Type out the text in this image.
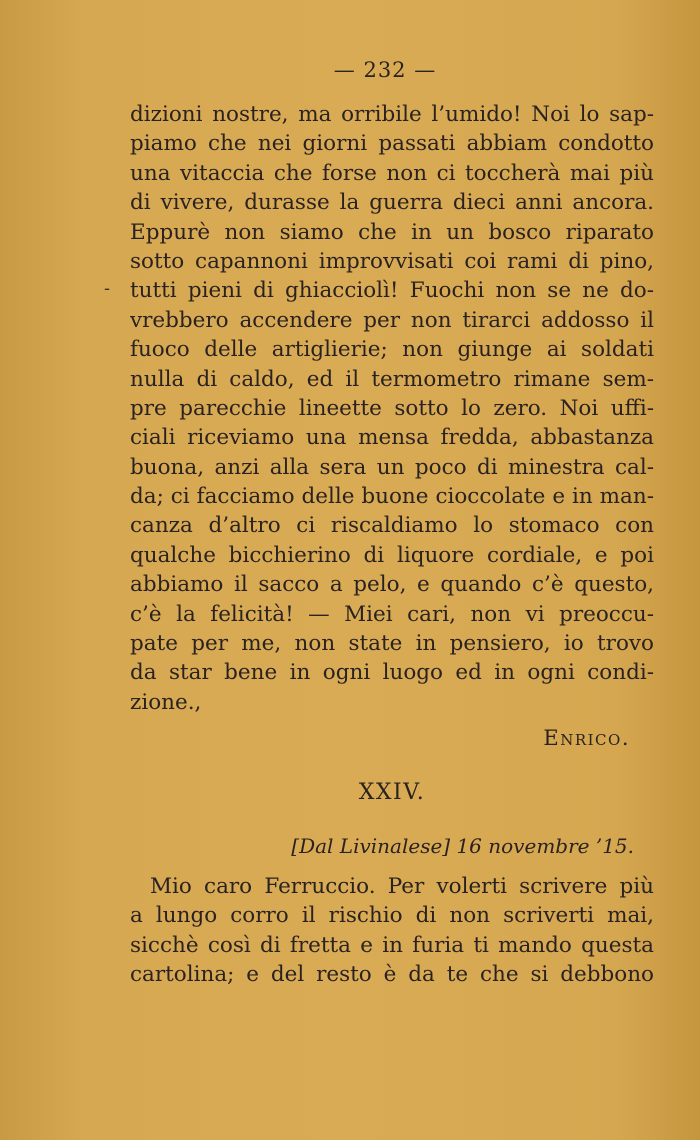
— 232 —
-
dizioni nostre, ma orribile l’umido! Noi lo sap-
piamo che nei giorni passati abbiam condotto
una vitaccia che forse non ci toccherà mai più
di vivere, durasse la guerra dieci anni ancora.
Eppurè non siamo che in un bosco riparato
sotto capannoni improvvisati coi rami di pino,
tutti pieni di ghiacciolì! Fuochi non se ne do-
vrebbero accendere per non tirarci addosso il
fuoco delle artiglierie; non giunge ai soldati
nulla di caldo, ed il termometro rimane sem-
pre parecchie lineette sotto lo zero. Noi uffi-
ciali riceviamo una mensa fredda, abbastanza
buona, anzi alla sera un poco di minestra cal-
da; ci facciamo delle buone cioccolate e in man-
canza d’altro ci riscaldiamo lo stomaco con
qualche bicchierino di liquore cordiale, e poi
abbiamo il sacco a pelo, e quando c’è questo,
c’è la felicità! — Miei cari, non vi preoccu-
pate per me, non state in pensiero, io trovo
da star bene in ogni luogo ed in ogni condi-
zione.,
Enrico.
XXIV.
[Dal Livinalese] 16 novembre ’15.
Mio caro Ferruccio. Per volerti scrivere più
a lungo corro il rischio di non scriverti mai,
sicchè così di fretta e in furia ti mando questa
cartolina; e del resto è da te che si debbono
